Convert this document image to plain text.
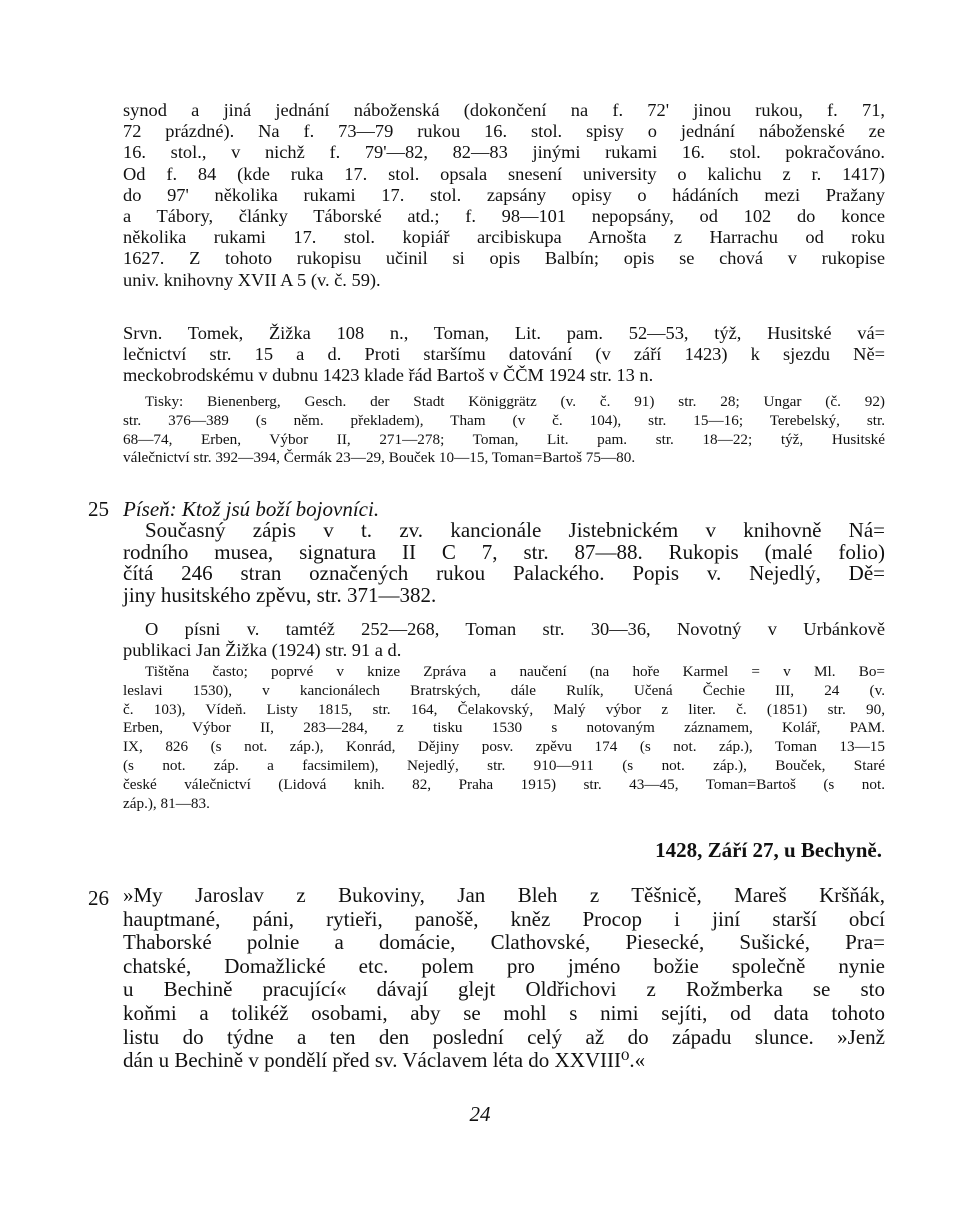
synod a jiná jednání náboženská (dokončení na f. 72' jinou rukou, f. 71,

72 prázdné). Na f. 73—79 rukou 16. stol. spisy o jednání náboženské ze

16. stol., v nichž f. 79'—82, 82—83 jinými rukami 16. stol. pokračováno.

Od f. 84 (kde ruka 17. stol. opsala snesení university o kalichu z r. 1417)

do 97' několika rukami 17. stol. zapsány opisy o hádáních mezi Pražany

a Tábory, články Táborské atd.; f. 98—101 nepopsány, od 102 do konce

několika rukami 17. stol. kopiář arcibiskupa Arnošta z Harrachu od roku

1627. Z tohoto rukopisu učinil si opis Balbín; opis se chová v rukopise

univ. knihovny XVII A 5 (v. č. 59).

Srvn. Tomek, Žižka 108 n., Toman, Lit. pam. 52—53, týž, Husitské vá=

lečnictví str. 15 a d. Proti staršímu datování (v září 1423) k sjezdu Ně=

meckobrodskému v dubnu 1423 klade řád Bartoš v ČČM 1924 str. 13 n.

Tisky: Bienenberg, Gesch. der Stadt Königgrätz (v. č. 91) str. 28; Ungar (č. 92)

str. 376—389 (s něm. překladem), Tham (v č. 104), str. 15—16; Terebelský, str.

68—74, Erben, Výbor II, 271—278; Toman, Lit. pam. str. 18—22; týž, Husitské

válečnictví str. 392—394, Čermák 23—29, Bouček 10—15, Toman=Bartoš 75—80.

25 Píseň: Ktož jsú boží bojovníci.

Současný zápis v t. zv. kancionále Jistebnickém v knihovně Ná=

rodního musea, signatura II C 7, str. 87—88. Rukopis (malé folio)

čítá 246 stran označených rukou Palackého. Popis v. Nejedlý, Dě=

jiny husitského zpěvu, str. 371—382.

O písni v. tamtéž 252—268, Toman str. 30—36, Novotný v Urbánkově

publikaci Jan Žižka (1924) str. 91 a d.

Tištěna často; poprvé v knize Zpráva a naučení (na hoře Karmel = v Ml. Bo=

leslavi 1530), v kancionálech Bratrských, dále Rulík, Učená Čechie III, 24 (v.

č. 103), Vídeň. Listy 1815, str. 164, Čelakovský, Malý výbor z liter. č. (1851) str. 90,

Erben, Výbor II, 283—284, z tisku 1530 s notovaným záznamem, Kolář, PAM.

IX, 826 (s not. záp.), Konrád, Dějiny posv. zpěvu 174 (s not. záp.), Toman 13—15

(s not. záp. a facsimilem), Nejedlý, str. 910—911 (s not. záp.), Bouček, Staré

české válečnictví (Lidová knih. 82, Praha 1915) str. 43—45, Toman=Bartoš (s not.

záp.), 81—83.

1428, Září 27, u Bechyně.
26 »My Jaroslav z Bukoviny, Jan Bleh z Těšnicě, Mareš Kršňák,

hauptmané, páni, rytieři, panošě, kněz Procop i jiní starší obcí

Thaborské polnie a domácie, Clathovské, Piesecké, Sušické, Pra=

chatské, Domažlické etc. polem pro jméno božie společně nynie

u Bechině pracující« dávají glejt Oldřichovi z Rožmberka se sto

koňmi a tolikéž osobami, aby se mohl s nimi sejíti, od data tohoto

listu do týdne a ten den poslední celý až do západu slunce. »Jenž

dán u Bechině v pondělí před sv. Václavem léta do XXVIII⁰.«

24
